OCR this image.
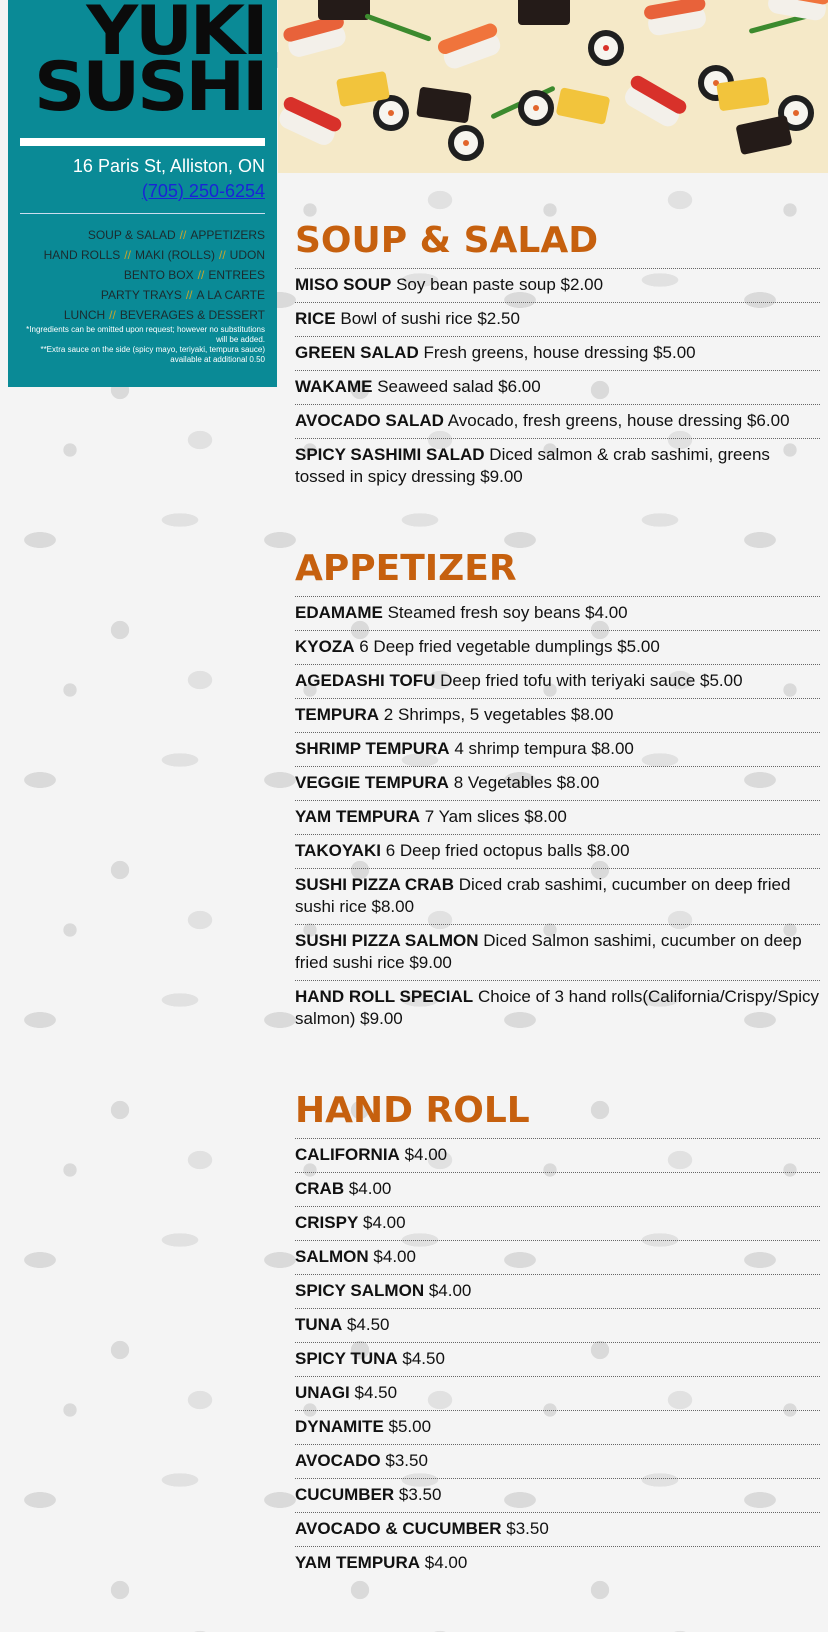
YUKI
SUSHI
16 Paris St, Alliston, ON
(705) 250-6254
SOUP & SALAD // APPETIZERS
HAND ROLLS // MAKI (ROLLS) // UDON
BENTO BOX // ENTREES
PARTY TRAYS // A LA CARTE
LUNCH // BEVERAGES & DESSERT
*Ingredients can be omitted upon request; however no substitutions will be added.
**Extra sauce on the side (spicy mayo, teriyaki, tempura sauce) available at additional 0.50
SOUP & SALAD
MISO SOUP Soy bean paste soup $2.00
RICE Bowl of sushi rice $2.50
GREEN SALAD Fresh greens, house dressing $5.00
WAKAME Seaweed salad $6.00
AVOCADO SALAD Avocado, fresh greens, house dressing $6.00
SPICY SASHIMI SALAD Diced salmon & crab sashimi, greens tossed in spicy dressing $9.00
APPETIZER
EDAMAME Steamed fresh soy beans $4.00
KYOZA 6 Deep fried vegetable dumplings $5.00
AGEDASHI TOFU Deep fried tofu with teriyaki sauce $5.00
TEMPURA 2 Shrimps, 5 vegetables $8.00
SHRIMP TEMPURA 4 shrimp tempura $8.00
VEGGIE TEMPURA 8 Vegetables $8.00
YAM TEMPURA 7 Yam slices $8.00
TAKOYAKI 6 Deep fried octopus balls $8.00
SUSHI PIZZA CRAB Diced crab sashimi, cucumber on deep fried sushi rice $8.00
SUSHI PIZZA SALMON Diced Salmon sashimi, cucumber on deep fried sushi rice $9.00
HAND ROLL SPECIAL Choice of 3 hand rolls(California/Crispy/Spicy salmon) $9.00
HAND ROLL
CALIFORNIA $4.00
CRAB $4.00
CRISPY $4.00
SALMON $4.00
SPICY SALMON $4.00
TUNA $4.50
SPICY TUNA $4.50
UNAGI $4.50
DYNAMITE $5.00
AVOCADO $3.50
CUCUMBER $3.50
AVOCADO & CUCUMBER $3.50
YAM TEMPURA $4.00
